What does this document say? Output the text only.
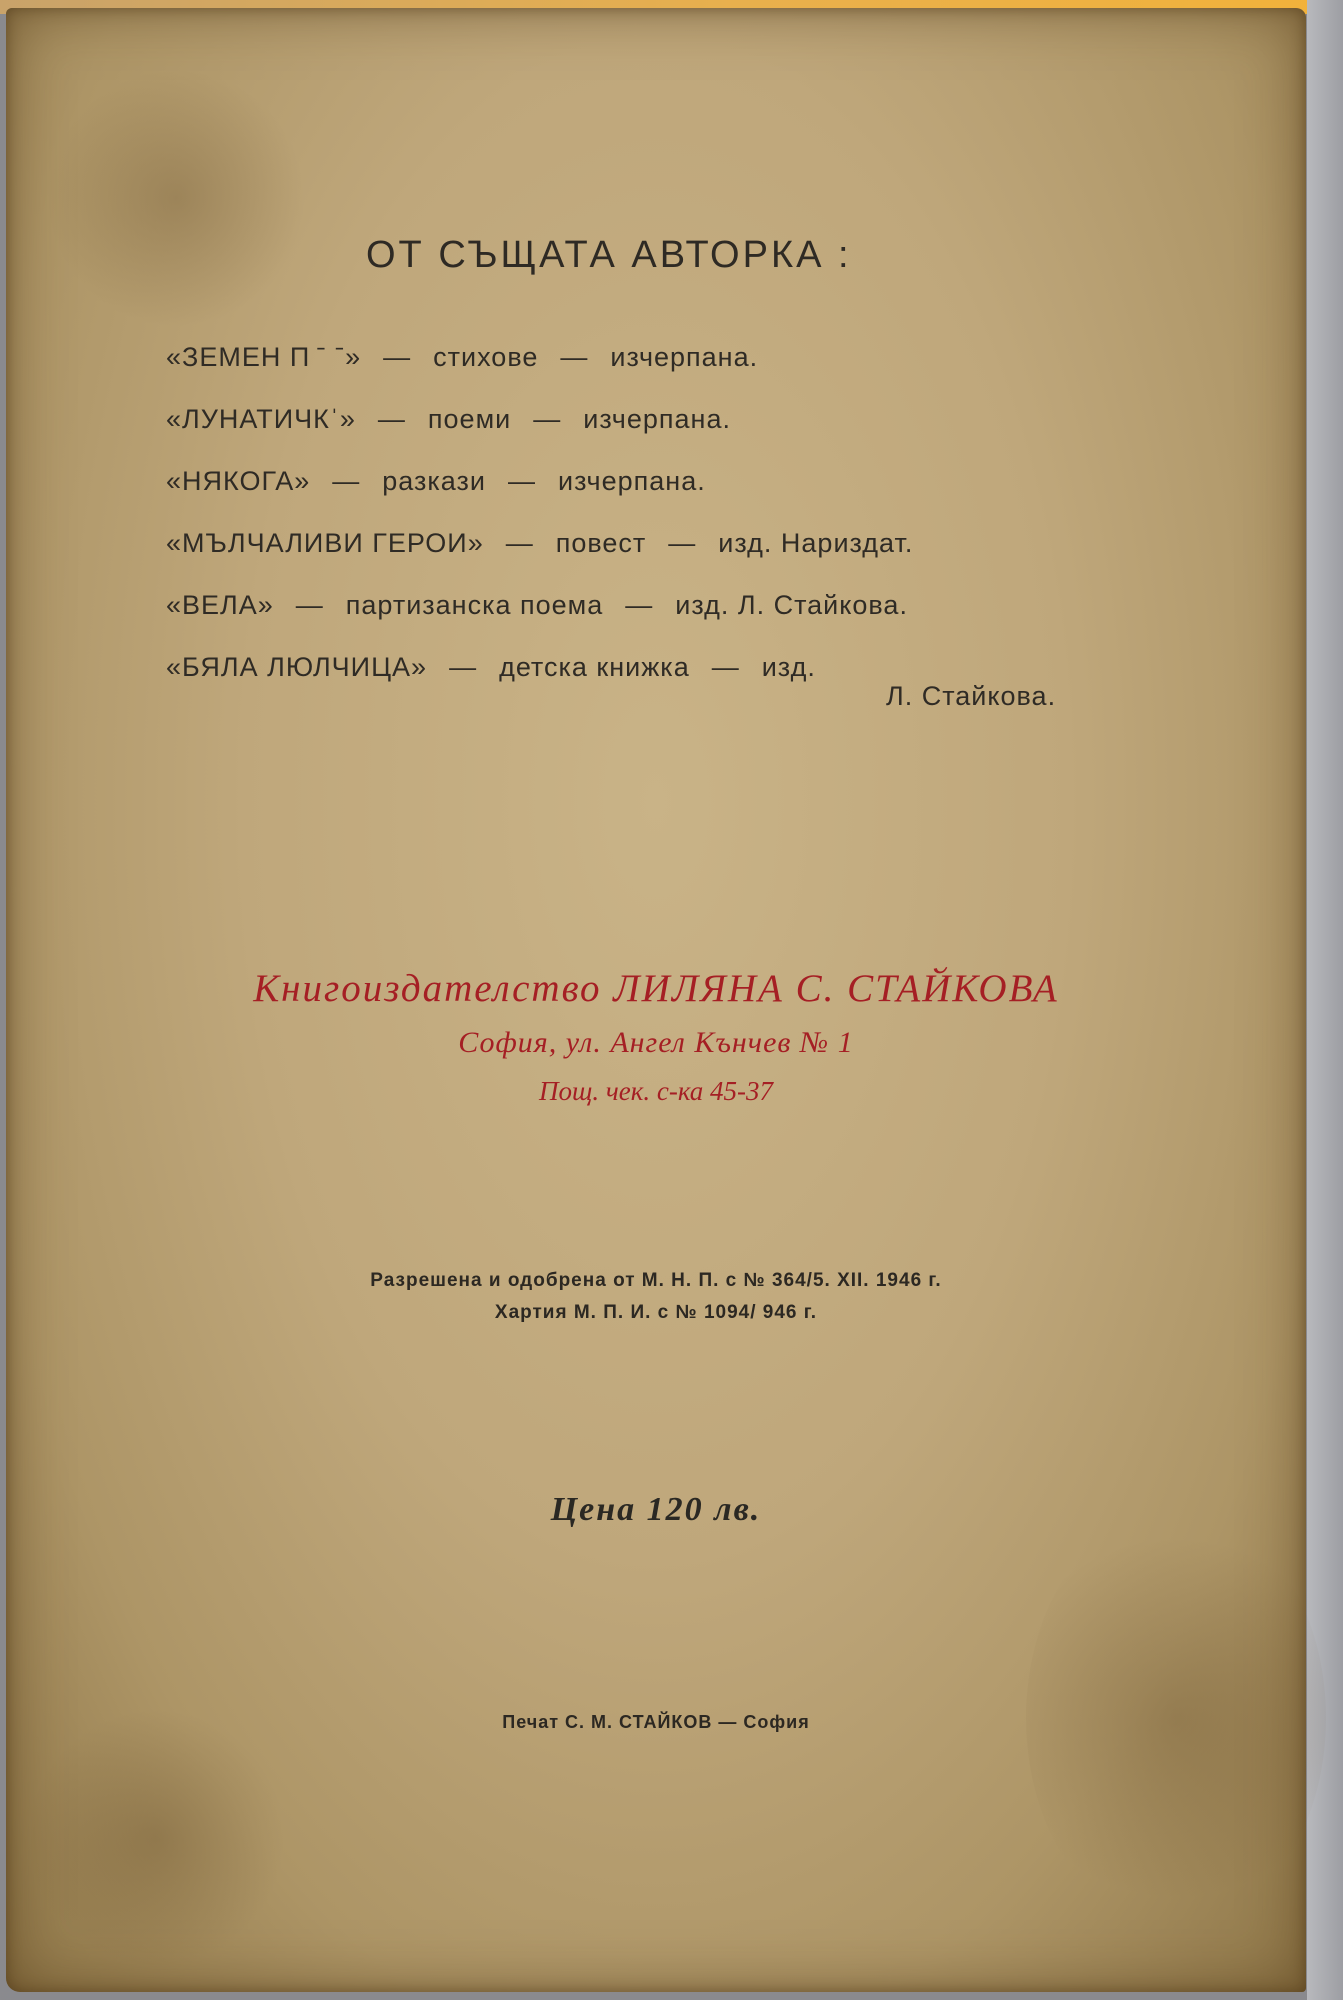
ОТ СЪЩАТА АВТОРКА :
«ЗЕМЕН П ˉ ˉ» — стихове — изчерпана.
«ЛУНАТИЧКˈ» — поеми — изчерпана.
«НЯКОГА» — разкази — изчерпана.
«МЪЛЧАЛИВИ ГЕРОИ» — повест — изд. Нариздат.
«ВЕЛА» — партизанска поема — изд. Л. Стайкова.
«БЯЛА ЛЮЛЧИЦА» — детска книжка — изд.
Л. Стайкова.
Книгоиздателство ЛИЛЯНА С. СТАЙКОВА
София, ул. Ангел Кънчев № 1
Пощ. чек. с-ка 45-37
Разрешена и одобрена от М. Н. П. с № 364/5. XII. 1946 г.
Хартия М. П. И. с № 1094/ 946 г.
Цена 120 лв.
Печат С. М. СТАЙКОВ — София
